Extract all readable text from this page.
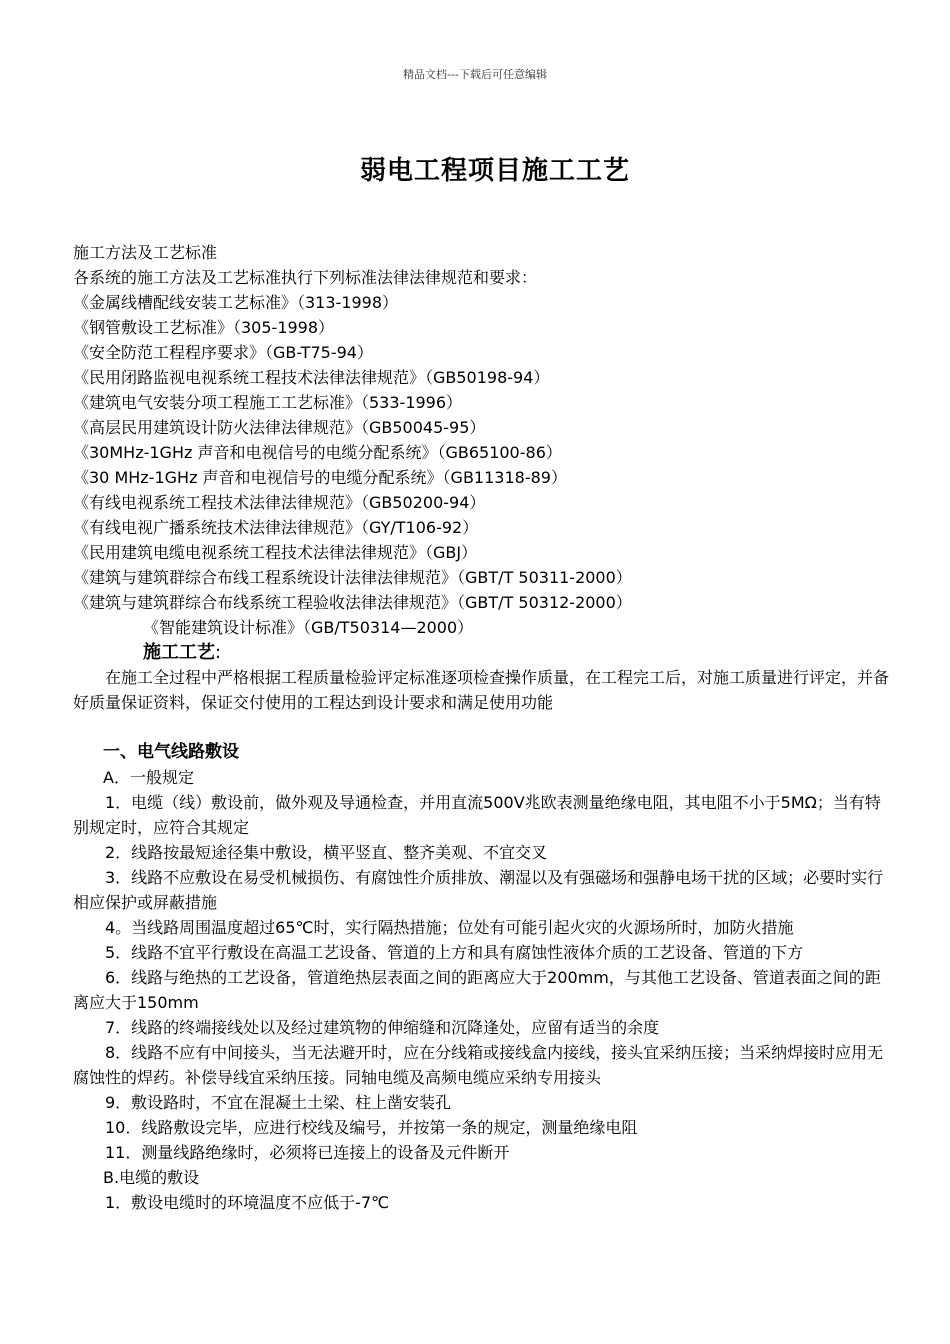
精品文档---下载后可任意编辑
弱电工程项目施工工艺
施工方法及工艺标准
各系统的施工方法及工艺标准执行下列标准法律法律规范和要求：
《金属线槽配线安装工艺标准》（313-1998）
《钢管敷设工艺标准》（305-1998）
《安全防范工程程序要求》（GB-T75-94）
《民用闭路监视电视系统工程技术法律法律规范》（GB50198-94）
《建筑电气安装分项工程施工工艺标准》（533-1996）
《高层民用建筑设计防火法律法律规范》（GB50045-95）
《30MHz-1GHz 声音和电视信号的电缆分配系统》（GB65100-86）
《30 MHz-1GHz 声音和电视信号的电缆分配系统》（GB11318-89）
《有线电视系统工程技术法律法律规范》（GB50200-94）
《有线电视广播系统技术法律法律规范》（GY/T106-92）
《民用建筑电缆电视系统工程技术法律法律规范》（GBJ）
《建筑与建筑群综合布线工程系统设计法律法律规范》（GBT/T 50311-2000）
《建筑与建筑群综合布线系统工程验收法律法律规范》（GBT/T 50312-2000）
《智能建筑设计标准》（GB/T50314—2000）
施工工艺:
在施工全过程中严格根据工程质量检验评定标准逐项检查操作质量，在工程完工后，对施工质量进行评定，并备好质量保证资料，保证交付使用的工程达到设计要求和满足使用功能
一、电气线路敷设
A．一般规定
1．电缆（线）敷设前，做外观及导通检查，并用直流500V兆欧表测量绝缘电阻，其电阻不小于5MΩ；当有特别规定时，应符合其规定
2．线路按最短途径集中敷设，横平竖直、整齐美观、不宜交叉
3．线路不应敷设在易受机械损伤、有腐蚀性介质排放、潮湿以及有强磁场和强静电场干扰的区域；必要时实行相应保护或屏蔽措施
4。当线路周围温度超过65℃时，实行隔热措施；位处有可能引起火灾的火源场所时，加防火措施
5．线路不宜平行敷设在高温工艺设备、管道的上方和具有腐蚀性液体介质的工艺设备、管道的下方
6．线路与绝热的工艺设备，管道绝热层表面之间的距离应大于200mm，与其他工艺设备、管道表面之间的距离应大于150mm
7．线路的终端接线处以及经过建筑物的伸缩缝和沉降逢处，应留有适当的余度
8．线路不应有中间接头，当无法避开时，应在分线箱或接线盒内接线，接头宜采纳压接；当采纳焊接时应用无腐蚀性的焊药。补偿导线宜采纳压接。同轴电缆及高频电缆应采纳专用接头
9．敷设路时，不宜在混凝土土梁、柱上凿安装孔
10．线路敷设完毕，应进行校线及编号，并按第一条的规定，测量绝缘电阻
11．测量线路绝缘时，必须将已连接上的设备及元件断开
B.电缆的敷设
1．敷设电缆时的环境温度不应低于-7℃
